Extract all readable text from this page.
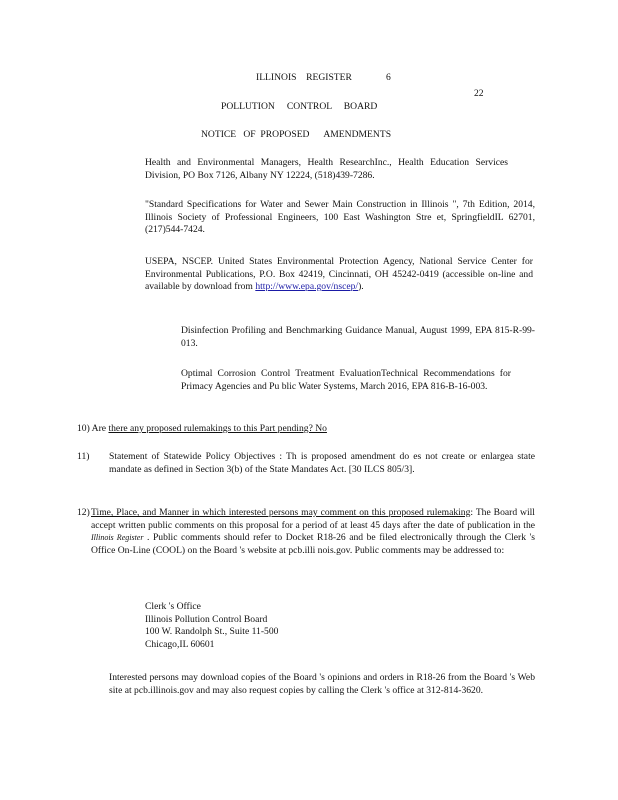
ILLINOIS    REGISTER	6
22
POLLUTION     CONTROL     BOARD
NOTICE   OF  PROPOSED      AMENDMENTS
Health and Environmental Managers, Health ResearchInc., Health Education Services Division, PO Box 7126, Albany NY 12224, (518)439-7286.
"Standard Specifications for Water and Sewer Main Construction in Illinois ", 7th Edition, 2014, Illinois Society of Professional Engineers, 100 East Washington Stre et, SpringfieldIL 62701, (217)544-7424.
USEPA, NSCEP. United States Environmental Protection Agency, National Service Center for Environmental Publications, P.O. Box 42419, Cincinnati, OH 45242-0419 (accessible on-line and available by download from http://www.epa.gov/nscep/).
Disinfection Profiling and Benchmarking Guidance Manual, August 1999, EPA 815-R-99-013.
Optimal Corrosion Control Treatment EvaluationTechnical Recommendations for Primacy Agencies and Pu blic Water Systems, March 2016, EPA 816-B-16-003.
10) Are there any proposed rulemakings to this Part pending? No
11) Statement of Statewide Policy Objectives : Th is proposed amendment do es not create or enlargea state mandate as defined in Section 3(b) of the State Mandates Act. [30 ILCS 805/3].
12) Time, Place, and Manner in which interested persons may comment on this proposed rulemaking: The Board will accept written public comments on this proposal for a period of at least 45 days after the date of publication in the Illinois Register . Public comments should refer to Docket R18-26 and be filed electronically through the Clerk 's Office On-Line (COOL) on the Board 's website at pcb.illi nois.gov. Public comments may be addressed to:
Clerk 's Office
Illinois Pollution Control Board
100 W. Randolph St., Suite 11-500
Chicago,IL 60601
Interested persons may download copies of the Board 's opinions and orders in R18-26 from the Board 's Web site at pcb.illinois.gov and may also request copies by calling the Clerk 's office at 312-814-3620.
